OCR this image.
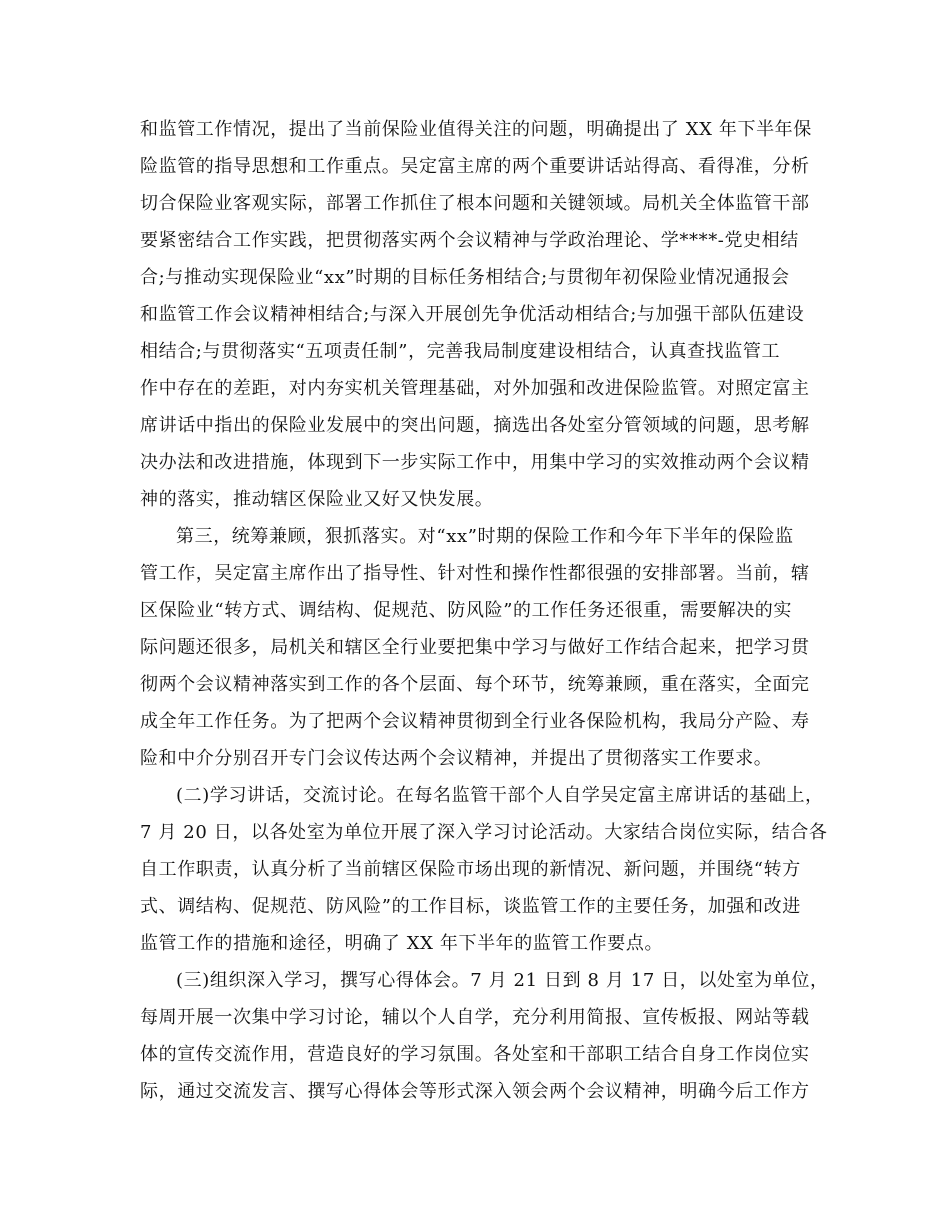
和监管工作情况，提出了当前保险业值得关注的问题，明确提出了 XX 年下半年保
险监管的指导思想和工作重点。吴定富主席的两个重要讲话站得高、看得准，分析
切合保险业客观实际，部署工作抓住了根本问题和关键领域。局机关全体监管干部
要紧密结合工作实践，把贯彻落实两个会议精神与学政治理论、学****-党史相结
合;与推动实现保险业“xx”时期的目标任务相结合;与贯彻年初保险业情况通报会
和监管工作会议精神相结合;与深入开展创先争优活动相结合;与加强干部队伍建设
相结合;与贯彻落实“五项责任制”，完善我局制度建设相结合，认真查找监管工
作中存在的差距，对内夯实机关管理基础，对外加强和改进保险监管。对照定富主
席讲话中指出的保险业发展中的突出问题，摘选出各处室分管领域的问题，思考解
决办法和改进措施，体现到下一步实际工作中，用集中学习的实效推动两个会议精
神的落实，推动辖区保险业又好又快发展。
第三，统筹兼顾，狠抓落实。对“xx”时期的保险工作和今年下半年的保险监
管工作，吴定富主席作出了指导性、针对性和操作性都很强的安排部署。当前，辖
区保险业“转方式、调结构、促规范、防风险”的工作任务还很重，需要解决的实
际问题还很多，局机关和辖区全行业要把集中学习与做好工作结合起来，把学习贯
彻两个会议精神落实到工作的各个层面、每个环节，统筹兼顾，重在落实，全面完
成全年工作任务。为了把两个会议精神贯彻到全行业各保险机构，我局分产险、寿
险和中介分别召开专门会议传达两个会议精神，并提出了贯彻落实工作要求。
(二)学习讲话，交流讨论。在每名监管干部个人自学吴定富主席讲话的基础上，
7 月 20 日，以各处室为单位开展了深入学习讨论活动。大家结合岗位实际，结合各
自工作职责，认真分析了当前辖区保险市场出现的新情况、新问题，并围绕“转方
式、调结构、促规范、防风险”的工作目标，谈监管工作的主要任务，加强和改进
监管工作的措施和途径，明确了 XX 年下半年的监管工作要点。
(三)组织深入学习，撰写心得体会。7 月 21 日到 8 月 17 日，以处室为单位，
每周开展一次集中学习讨论，辅以个人自学，充分利用简报、宣传板报、网站等载
体的宣传交流作用，营造良好的学习氛围。各处室和干部职工结合自身工作岗位实
际，通过交流发言、撰写心得体会等形式深入领会两个会议精神，明确今后工作方
